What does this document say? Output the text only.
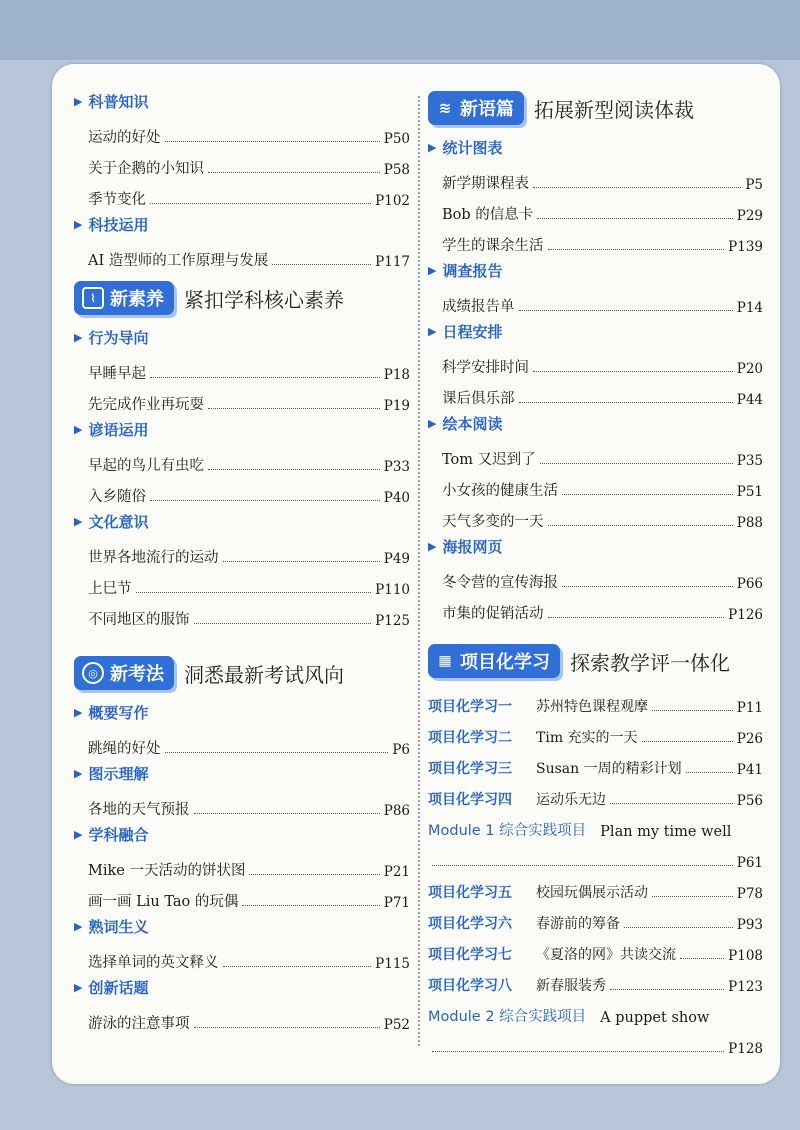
▶ 科普知识
运动的好处	P50
关于企鹅的小知识	P58
季节变化	P102
▶ 科技运用
AI 造型师的工作原理与发展	P117
⌇ 新素养 紧扣学科核心素养
▶ 行为导向
早睡早起	P18
先完成作业再玩耍	P19
▶ 谚语运用
早起的鸟儿有虫吃	P33
入乡随俗	P40
▶ 文化意识
世界各地流行的运动	P49
上巳节	P110
不同地区的服饰	P125
◎ 新考法 洞悉最新考试风向
▶ 概要写作
跳绳的好处	P6
▶ 图示理解
各地的天气预报	P86
▶ 学科融合
Mike 一天活动的饼状图	P21
画一画 Liu Tao 的玩偶	P71
▶ 熟词生义
选择单词的英文释义	P115
▶ 创新话题
游泳的注意事项	P52
≋ 新语篇 拓展新型阅读体裁
▶ 统计图表
新学期课程表	P5
Bob 的信息卡	P29
学生的课余生活	P139
▶ 调查报告
成绩报告单	P14
▶ 日程安排
科学安排时间	P20
课后俱乐部	P44
▶ 绘本阅读
Tom 又迟到了	P35
小女孩的健康生活	P51
天气多变的一天	P88
▶ 海报网页
冬令营的宣传海报	P66
市集的促销活动	P126
▦ 项目化学习 探索教学评一体化
项目化学习一	苏州特色课程观摩	P11
项目化学习二	Tim 充实的一天	P26
项目化学习三	Susan 一周的精彩计划	P41
项目化学习四	运动乐无边	P56
Module 1 综合实践项目 Plan my time well
P61
项目化学习五	校园玩偶展示活动	P78
项目化学习六	春游前的筹备	P93
项目化学习七	《夏洛的网》共读交流	P108
项目化学习八	新春服装秀	P123
Module 2 综合实践项目 A puppet show
P128
